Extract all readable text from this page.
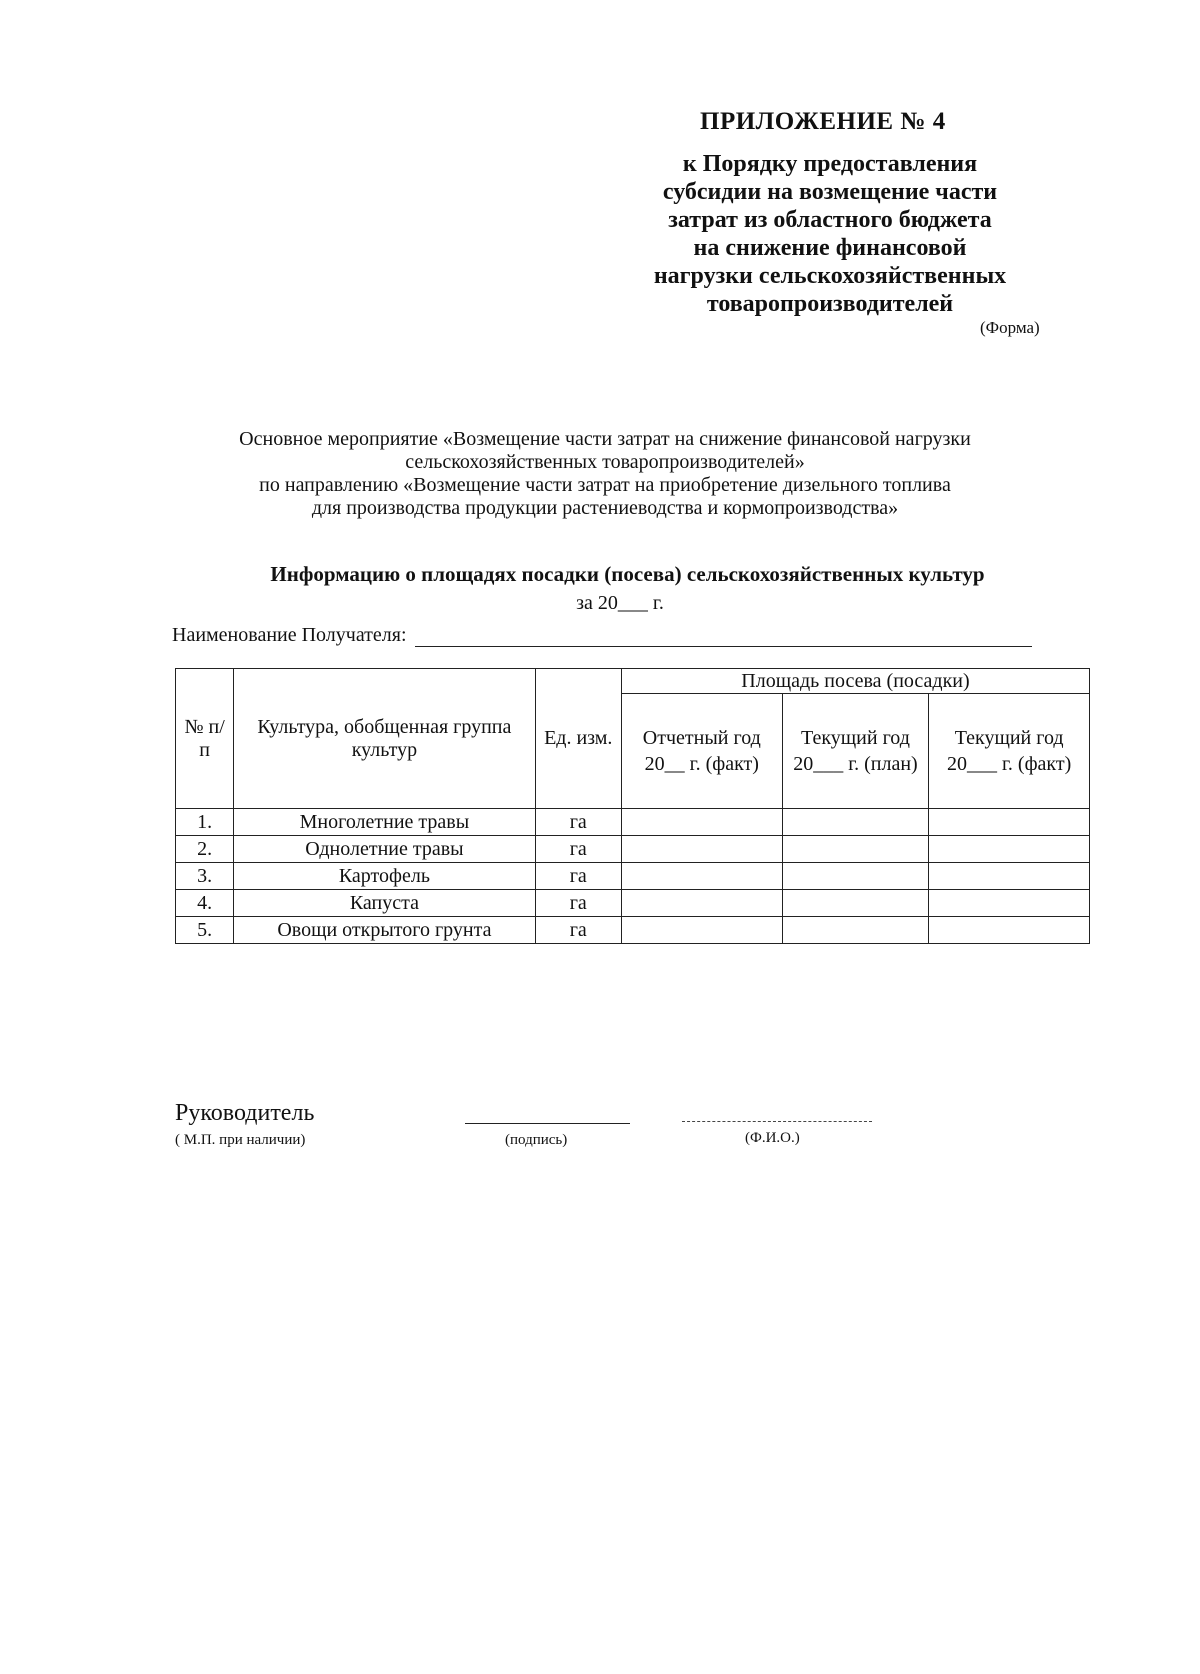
ПРИЛОЖЕНИЕ № 4
к Порядку предоставления
субсидии на возмещение части
затрат из областного бюджета
на снижение финансовой
нагрузки сельскохозяйственных
товаропроизводителей
(Форма)
Основное мероприятие «Возмещение части затрат на снижение финансовой нагрузки
сельскохозяйственных товаропроизводителей»
по направлению «Возмещение части затрат на приобретение дизельного топлива
для производства продукции растениеводства и кормопроизводства»
Информацию о площадях посадки (посева) сельскохозяйственных культур
за 20___ г.
Наименование Получателя:
№ п/п	Культура, обобщенная группа культур	Ед. изм.	Площадь посева (посадки)		
			Отчетный год 20__ г. (факт)	Текущий год 20___ г. (план)	Текущий год 20___ г. (факт)
1.	Многолетние травы	га			
2.	Однолетние травы	га			
3.	Картофель	га			
4.	Капуста	га			
5.	Овощи открытого грунта	га			
Руководитель
( М.П. при наличии)	(подпись)	(Ф.И.О.)
